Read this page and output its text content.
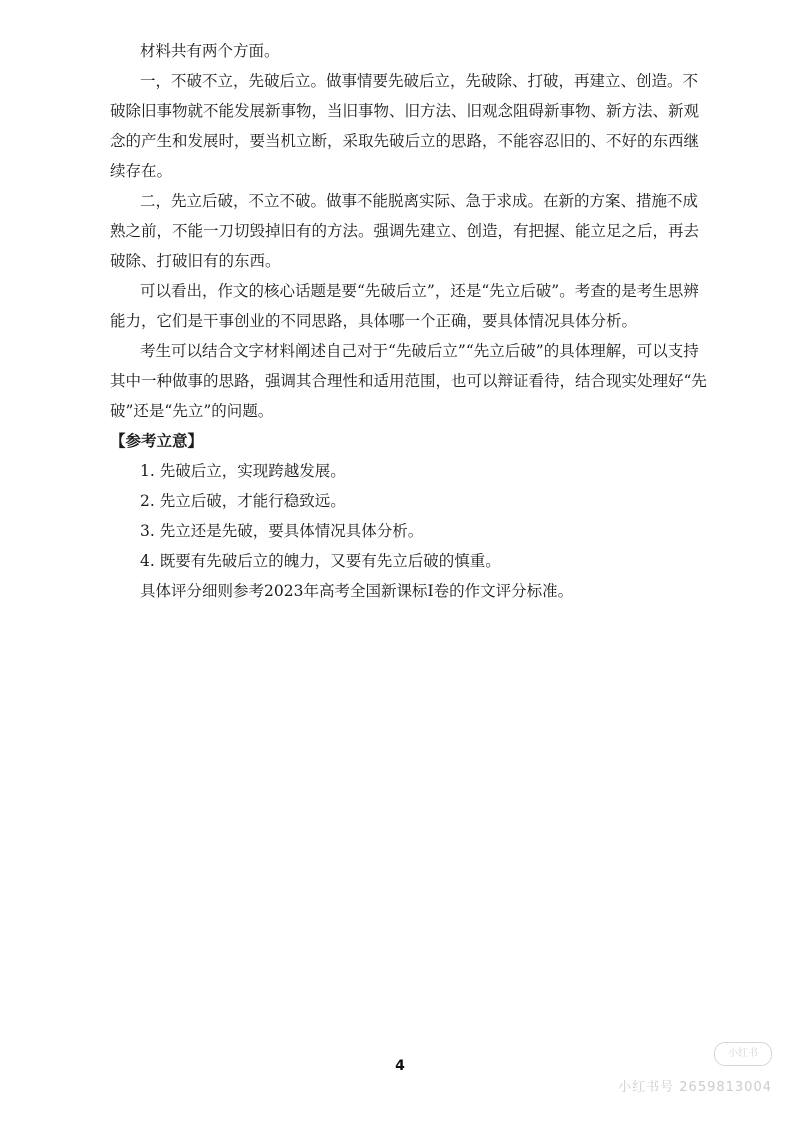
材料共有两个方面。

一，不破不立，先破后立。做事情要先破后立，先破除、打破，再建立、创造。不破除旧事物就不能发展新事物，当旧事物、旧方法、旧观念阻碍新事物、新方法、新观念的产生和发展时，要当机立断，采取先破后立的思路，不能容忍旧的、不好的东西继续存在。

二，先立后破，不立不破。做事不能脱离实际、急于求成。在新的方案、措施不成熟之前，不能一刀切毁掉旧有的方法。强调先建立、创造，有把握、能立足之后，再去破除、打破旧有的东西。

可以看出，作文的核心话题是要“先破后立”，还是“先立后破”。考查的是考生思辨能力，它们是干事创业的不同思路，具体哪一个正确，要具体情况具体分析。

考生可以结合文字材料阐述自己对于“先破后立”“先立后破”的具体理解，可以支持其中一种做事的思路，强调其合理性和适用范围，也可以辩证看待，结合现实处理好“先破”还是“先立”的问题。

【参考立意】

1. 先破后立，实现跨越发展。

2. 先立后破，才能行稳致远。

3. 先立还是先破，要具体情况具体分析。

4. 既要有先破后立的魄力，又要有先立后破的慎重。

具体评分细则参考2023年高考全国新课标Ⅰ卷的作文评分标准。

4
小红书
小红书号 2659813004
